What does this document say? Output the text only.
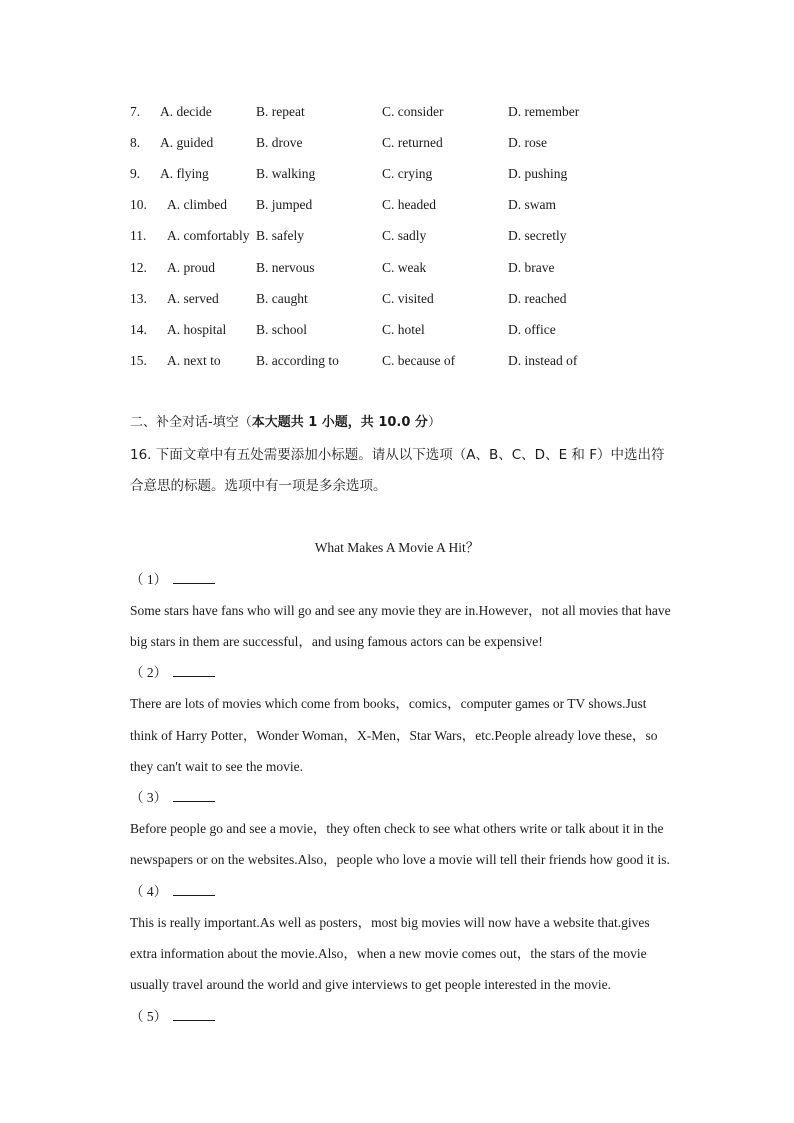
7. A. decide	B. repeat	C. consider	D. remember
8. A. guided	B. drove	C. returned	D. rose
9. A. flying	B. walking	C. crying	D. pushing
10. A. climbed B. jumped	C. headed	D. swam
11. A. comfortably B. safely	C. sadly	D. secretly
12. A. proud	B. nervous	C. weak	D. brave
13. A. served	B. caught	C. visited	D. reached
14. A. hospital B. school	C. hotel	D. office
15. A. next to	B. according to	C. because of	D. instead of
二、补全对话-填空（本大题共 1 小题，共 10.0 分）
16. 下面文章中有五处需要添加小标题。请从以下选项（A、B、C、D、E 和 F）中选出符
合意思的标题。选项中有一项是多余选项。
What Makes A Movie A Hit？
（ 1）
Some stars have fans who will go and see any movie they are in.However，not all movies that have
big stars in them are successful，and using famous actors can be expensive!
（ 2）
There are lots of movies which come from books，comics，computer games or TV shows.Just
think of Harry Potter，Wonder Woman，X-Men，Star Wars，etc.People already love these，so
they can't wait to see the movie.
（ 3）
Before people go and see a movie，they often check to see what others write or talk about it in the
newspapers or on the websites.Also，people who love a movie will tell their friends how good it is.
（ 4）
This is really important.As well as posters，most big movies will now have a website that.gives
extra information about the movie.Also，when a new movie comes out，the stars of the movie
usually travel around the world and give interviews to get people interested in the movie.
（ 5）
